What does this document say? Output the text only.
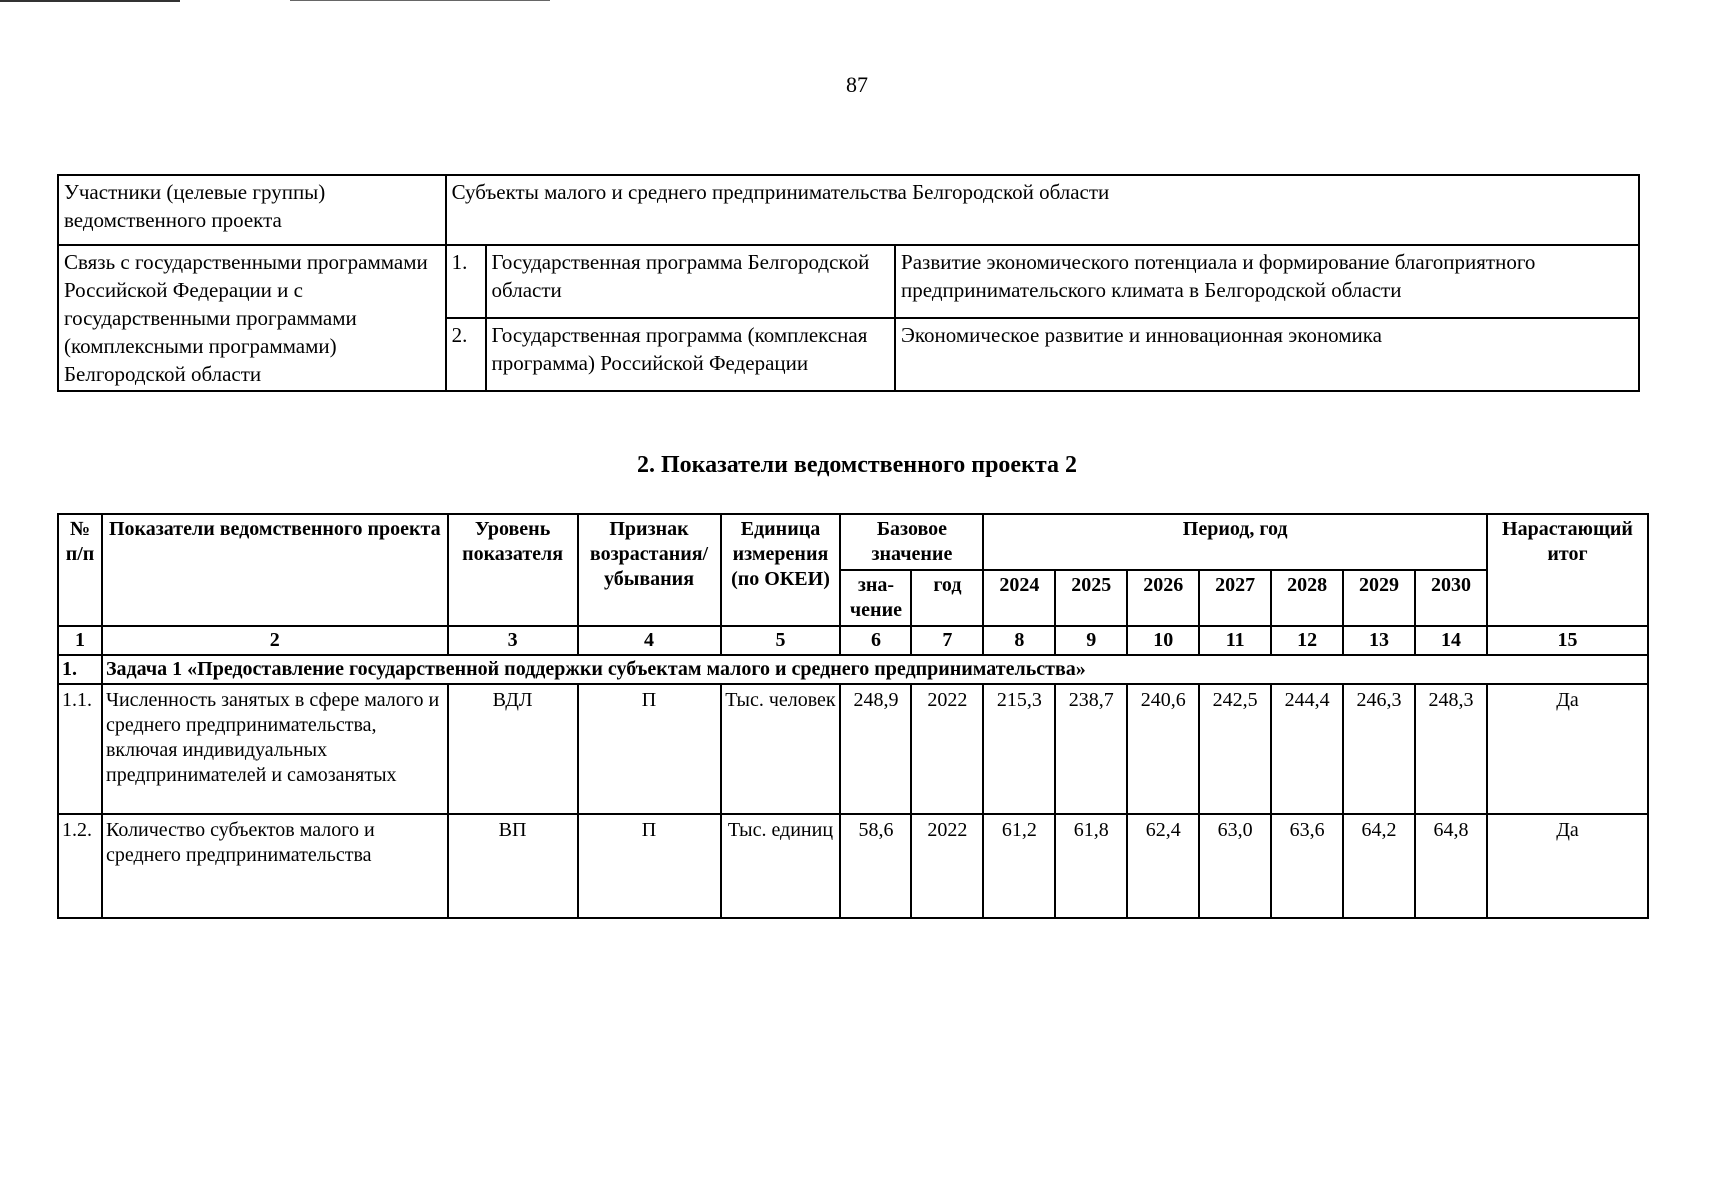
87
Участники (целевые группы) ведомственного проекта	Субъекты малого и среднего предпринимательства Белгородской области		
Связь с государственными программами Российской Федерации и с государственными программами (комплексными программами) Белгородской области	1.	Государственная программа Белгородской области	Развитие экономического потенциала и формирование благоприятного предпринимательского климата в Белгородской области
	2.	Государственная программа (комплексная программа) Российской Федерации	Экономическое развитие и инновационная экономика
2. Показатели ведомственного проекта 2
№ п/п	Показатели ведомственного проекта	Уровень показателя	Признак возрастания/ убывания	Единица измерения (по ОКЕИ)	Базовое значение		Период, год							Нарастающий итог
					зна-чение	год	2024	2025	2026	2027	2028	2029	2030	
1	2	3	4	5	6	7	8	9	10	11	12	13	14	15
1.	Задача 1 «Предоставление государственной поддержки субъектам малого и среднего предпринимательства»													
1.1.	Численность занятых в сфере малого и среднего предпринимательства, включая индивидуальных предпринимателей и самозанятых	ВДЛ	П	Тыс. человек	248,9	2022	215,3	238,7	240,6	242,5	244,4	246,3	248,3	Да
1.2.	Количество субъектов малого и среднего предпринимательства	ВП	П	Тыс. единиц	58,6	2022	61,2	61,8	62,4	63,0	63,6	64,2	64,8	Да
